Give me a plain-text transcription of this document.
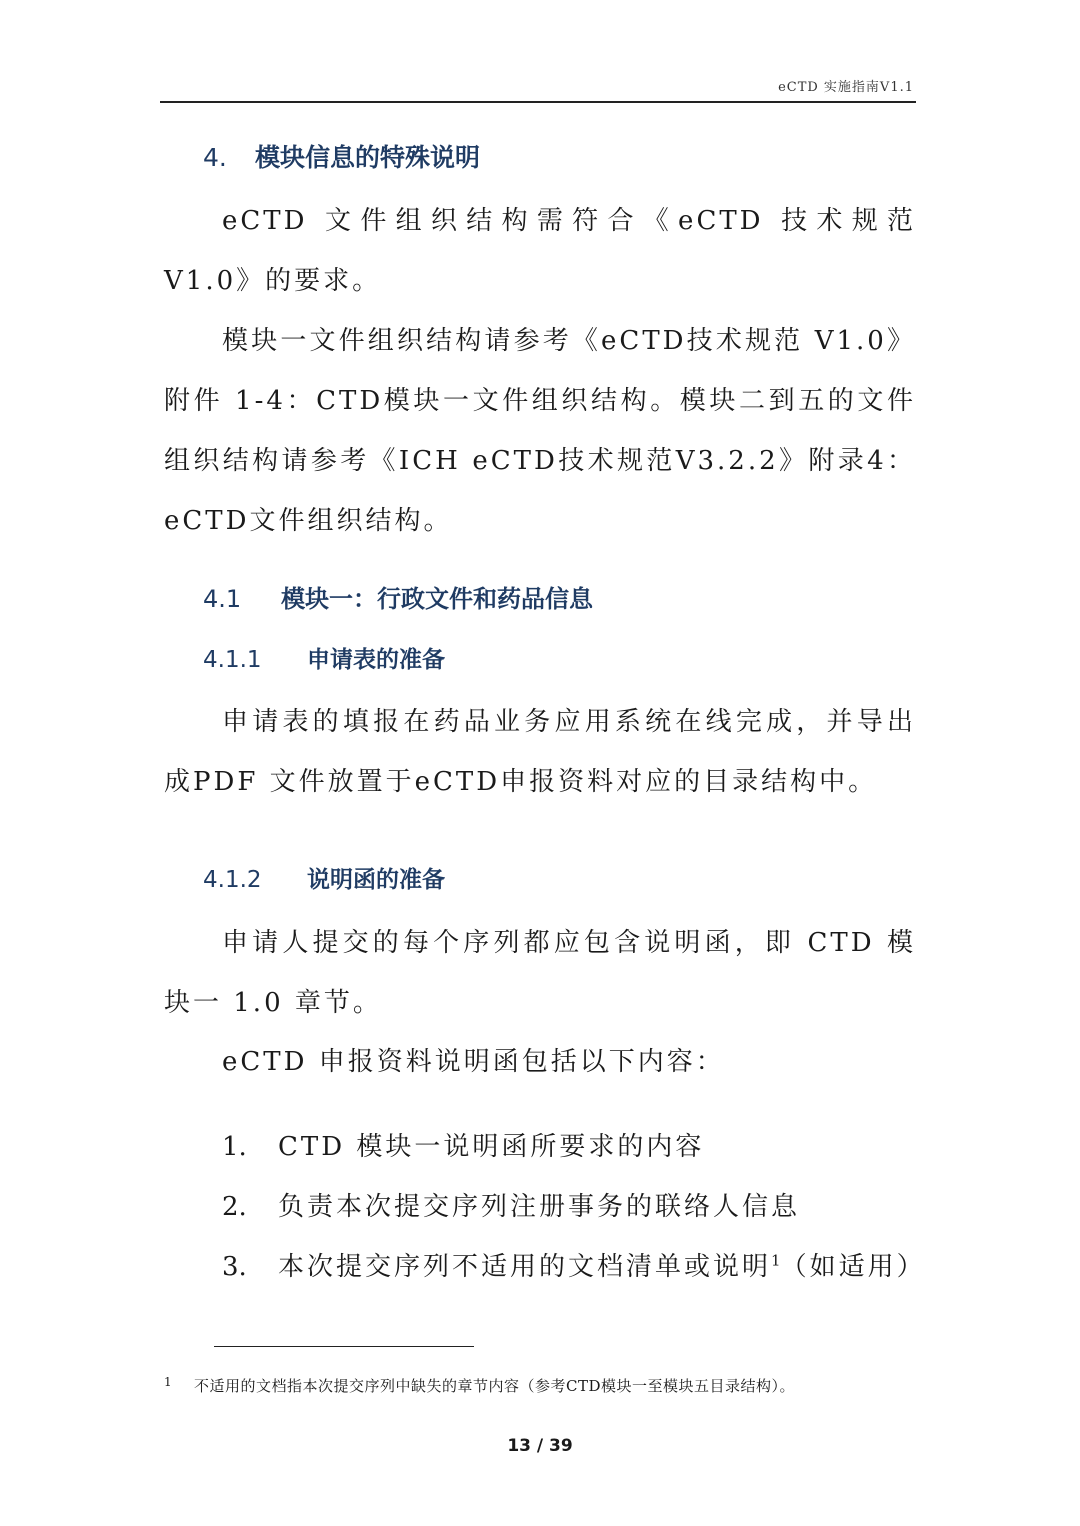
eCTD 实施指南V1.1
4. 模块信息的特殊说明

eCTD 文件组织结构需符合《eCTD 技术规范 V1.0》的要求。

模块一文件组织结构请参考《eCTD技术规范 V1.0》附件 1-4：CTD模块一文件组织结构。模块二到五的文件组织结构请参考《ICH eCTD技术规范V3.2.2》附录4：eCTD文件组织结构。

4.1 模块一：行政文件和药品信息
4.1.1 申请表的准备

申请表的填报在药品业务应用系统在线完成，并导出成PDF 文件放置于eCTD申报资料对应的目录结构中。

4.1.2 说明函的准备

申请人提交的每个序列都应包含说明函，即 CTD 模块一 1.0 章节。

eCTD 申报资料说明函包括以下内容：

1. CTD 模块一说明函所要求的内容
2. 负责本次提交序列注册事务的联络人信息
3. 本次提交序列不适用的文档清单或说明$^1$（如适用）
1 不适用的文档指本次提交序列中缺失的章节内容（参考CTD模块一至模块五目录结构）。
13 / 39
